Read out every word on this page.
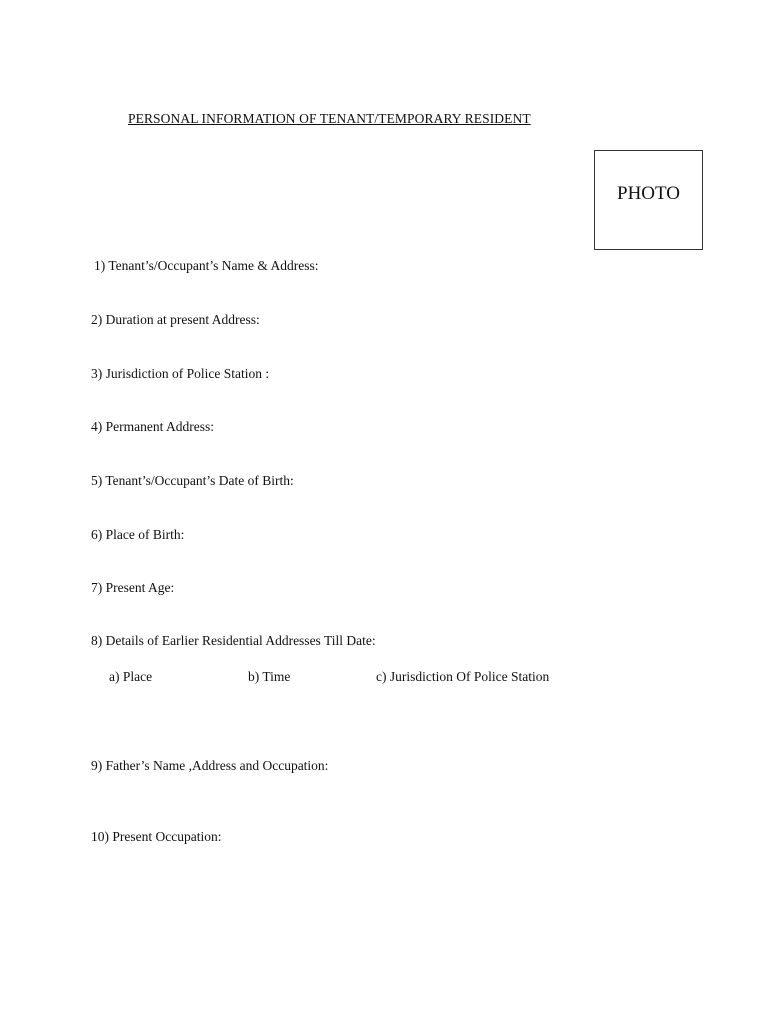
PERSONAL INFORMATION OF TENANT/TEMPORARY RESIDENT
PHOTO
1) Tenant’s/Occupant’s Name & Address:
2) Duration at present Address:
3) Jurisdiction of Police Station :
4) Permanent Address:
5) Tenant’s/Occupant’s Date of Birth:
6) Place of Birth:
7) Present Age:
8) Details of Earlier Residential Addresses Till Date:
a) Place	b) Time	c) Jurisdiction Of Police Station
9) Father’s Name ,Address and Occupation:
10) Present Occupation:
